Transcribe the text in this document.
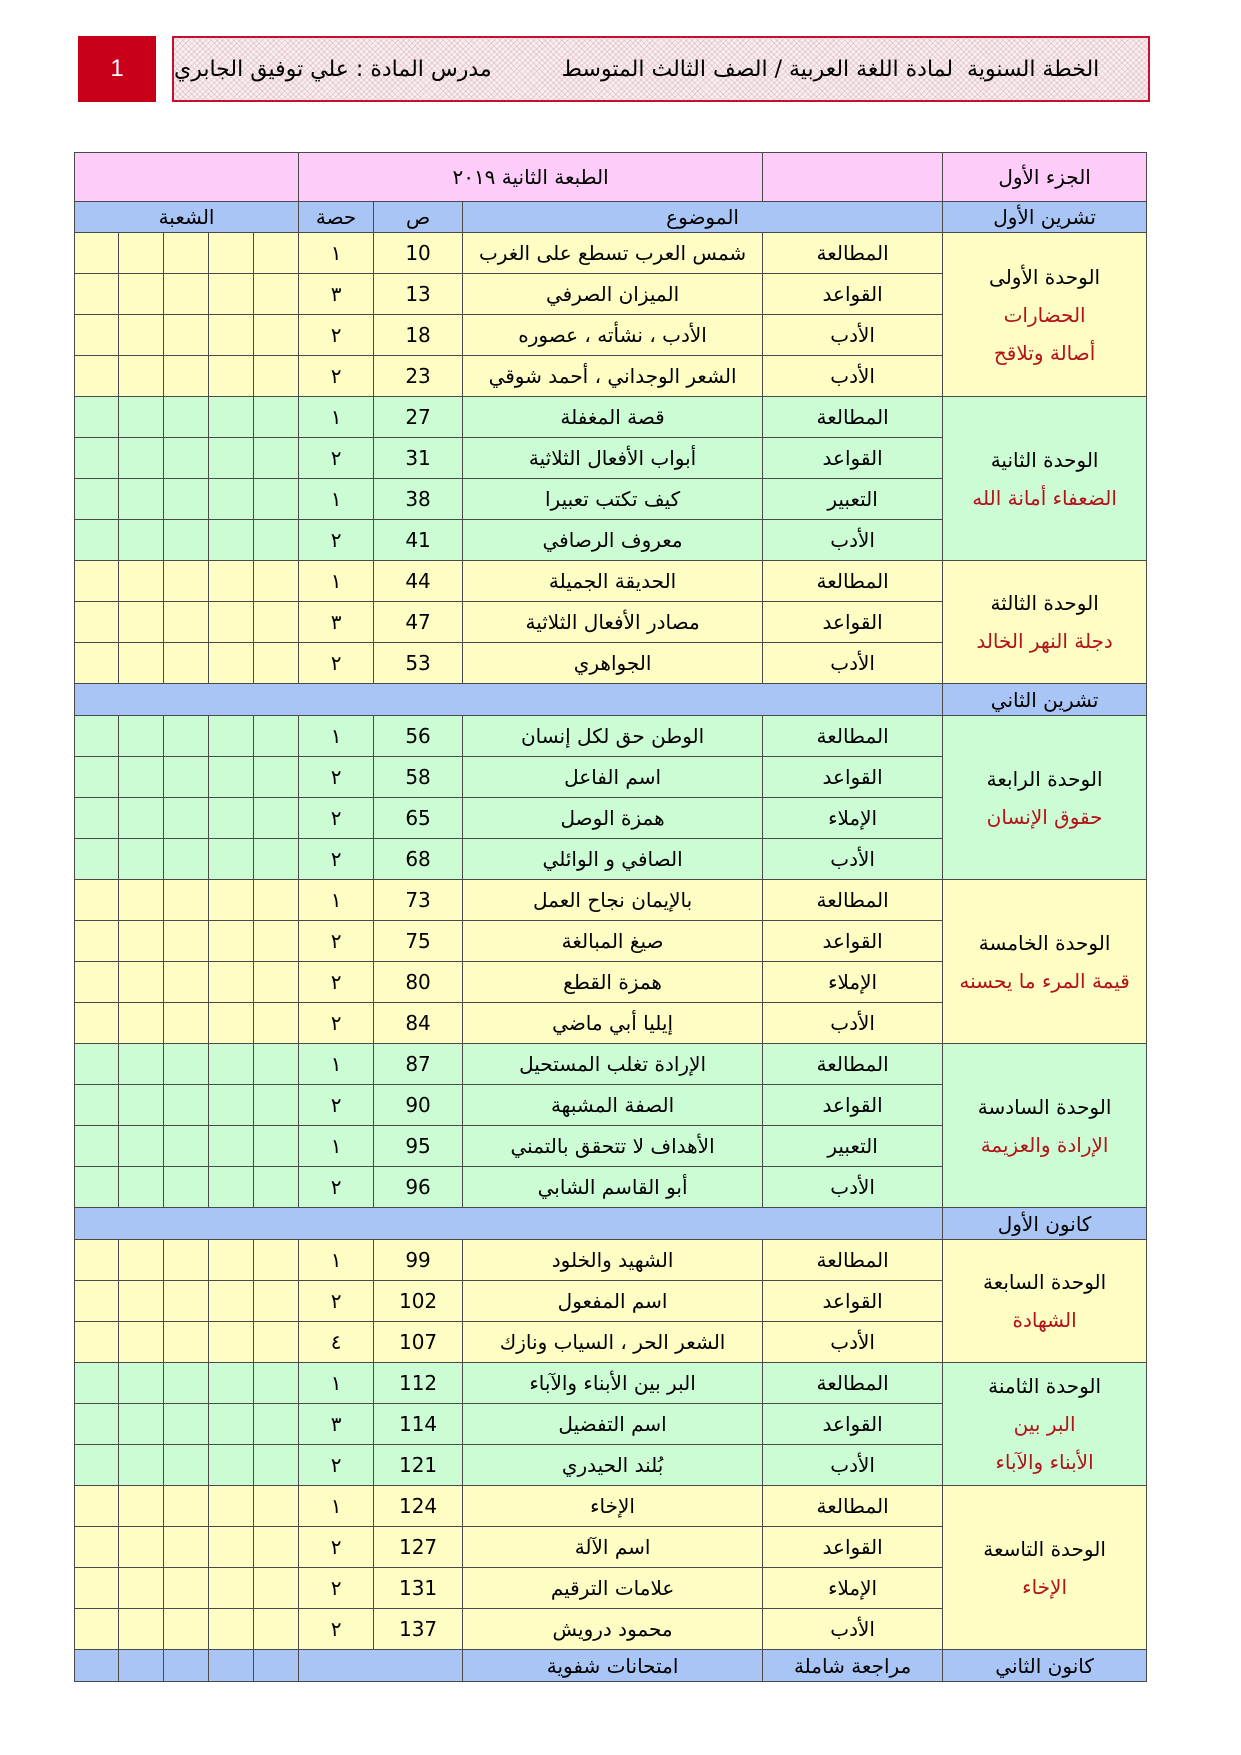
1	الخطة السنوية  لمادة اللغة العربية / الصف الثالث المتوسط

مدرس المادة : علي توفيق الجابري
					الطبعة الثانية ٢٠١٩				الجزء الأول
الشعبة					حصة	ص	الموضوع		تشرين الأول
					١	10	شمس العرب تسطع على الغرب	المطالعة	الوحدة الأولى
الحضارات
أصالة وتلاقح

					٣	13	الميزان الصرفي	القواعد	
					٢	18	الأدب ، نشأته ، عصوره	الأدب	
					٢	23	الشعر الوجداني ، أحمد شوقي	الأدب	
					١	27	قصة المغفلة	المطالعة	الوحدة الثانية
الضعفاء أمانة الله

					٢	31	أبواب الأفعال الثلاثية	القواعد	
					١	38	كيف تكتب تعبيرا	التعبير	
					٢	41	معروف الرصافي	الأدب	
					١	44	الحديقة الجميلة	المطالعة	الوحدة الثالثة
دجلة النهر الخالد

					٣	47	مصادر الأفعال الثلاثية	القواعد	
					٢	53	الجواهري	الأدب	
									تشرين الثاني
					١	56	الوطن حق لكل إنسان	المطالعة	الوحدة الرابعة
حقوق الإنسان

					٢	58	اسم الفاعل	القواعد	
					٢	65	همزة الوصل	الإملاء	
					٢	68	الصافي و الوائلي	الأدب	
					١	73	بالإيمان نجاح العمل	المطالعة	الوحدة الخامسة
قيمة المرء ما يحسنه

					٢	75	صيغ المبالغة	القواعد	
					٢	80	همزة القطع	الإملاء	
					٢	84	إيليا أبي ماضي	الأدب	
					١	87	الإرادة تغلب المستحيل	المطالعة	الوحدة السادسة
الإرادة والعزيمة

					٢	90	الصفة المشبهة	القواعد	
					١	95	الأهداف لا تتحقق بالتمني	التعبير	
					٢	96	أبو القاسم الشابي	الأدب	
									كانون الأول
					١	99	الشهيد والخلود	المطالعة	الوحدة السابعة
الشهادة

					٢	102	اسم المفعول	القواعد	
					٤	107	الشعر الحر ، السياب ونازك	الأدب	
					١	112	البر بين الأبناء والآباء	المطالعة	الوحدة الثامنة
البر بين
الأبناء والآباء

					٣	114	اسم التفضيل	القواعد	
					٢	121	بُلند الحيدري	الأدب	
					١	124	الإخاء	المطالعة	الوحدة التاسعة
الإخاء

					٢	127	اسم الآلة	القواعد	
					٢	131	علامات الترقيم	الإملاء	
					٢	137	محمود درويش	الأدب	
							امتحانات شفوية	مراجعة شاملة	كانون الثاني
